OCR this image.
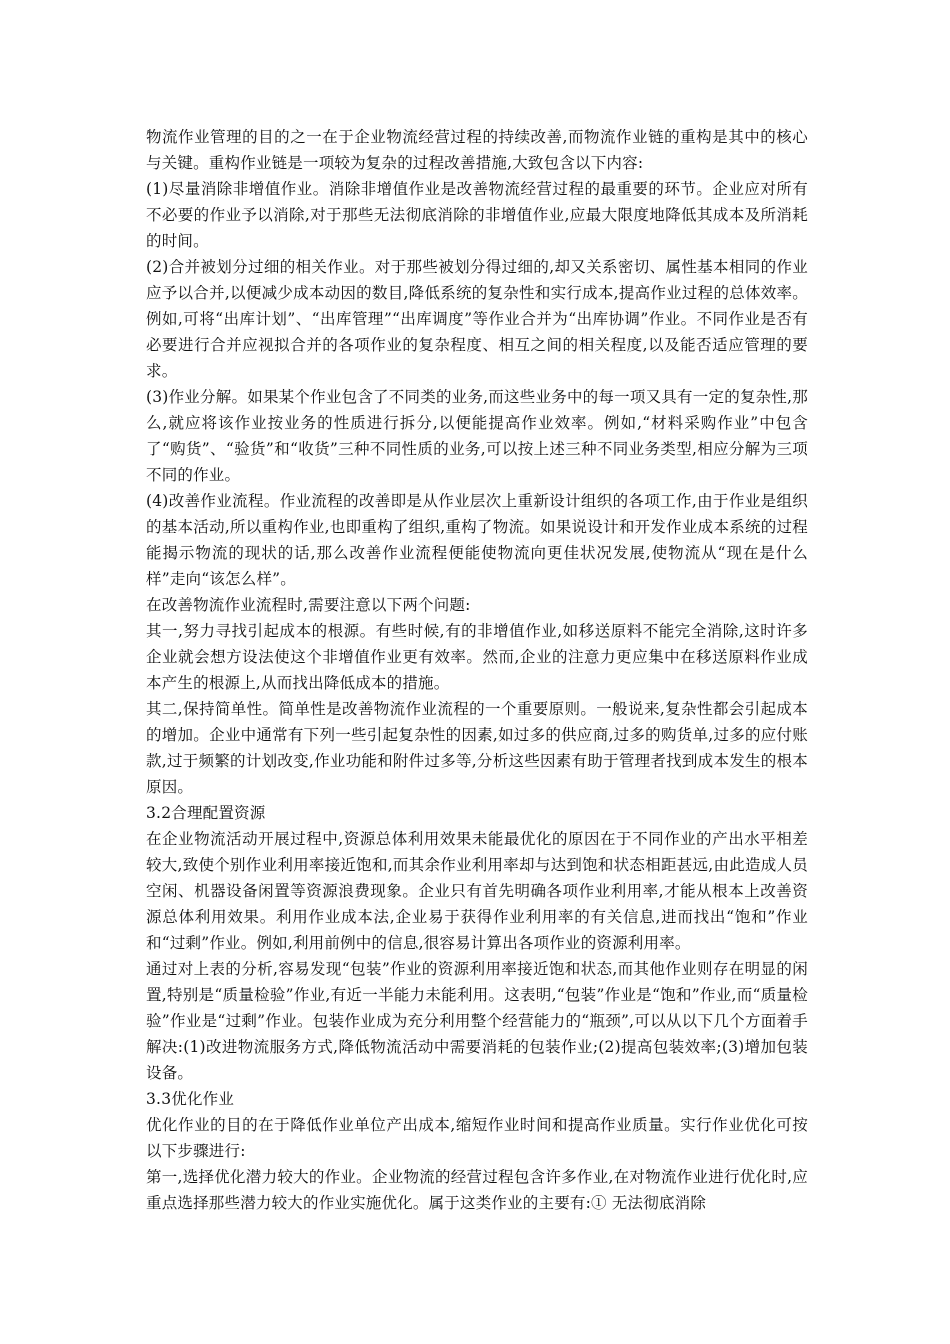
物流作业管理的目的之一在于企业物流经营过程的持续改善,而物流作业链的重构是其中的核心与关键。重构作业链是一项较为复杂的过程改善措施,大致包含以下内容:

(1)尽量消除非增值作业。消除非增值作业是改善物流经营过程的最重要的环节。企业应对所有不必要的作业予以消除,对于那些无法彻底消除的非增值作业,应最大限度地降低其成本及所消耗的时间。

(2)合并被划分过细的相关作业。对于那些被划分得过细的,却又关系密切、属性基本相同的作业应予以合并,以便减少成本动因的数目,降低系统的复杂性和实行成本,提高作业过程的总体效率。例如,可将“出库计划”、“出库管理”“出库调度”等作业合并为“出库协调”作业。不同作业是否有必要进行合并应视拟合并的各项作业的复杂程度、相互之间的相关程度,以及能否适应管理的要求。

(3)作业分解。如果某个作业包含了不同类的业务,而这些业务中的每一项又具有一定的复杂性,那么,就应将该作业按业务的性质进行拆分,以便能提高作业效率。例如,“材料采购作业”中包含了“购货”、“验货”和“收货”三种不同性质的业务,可以按上述三种不同业务类型,相应分解为三项不同的作业。

(4)改善作业流程。作业流程的改善即是从作业层次上重新设计组织的各项工作,由于作业是组织的基本活动,所以重构作业,也即重构了组织,重构了物流。如果说设计和开发作业成本系统的过程能揭示物流的现状的话,那么改善作业流程便能使物流向更佳状况发展,使物流从“现在是什么样”走向“该怎么样”。

在改善物流作业流程时,需要注意以下两个问题:

其一,努力寻找引起成本的根源。有些时候,有的非增值作业,如移送原料不能完全消除,这时许多企业就会想方设法使这个非增值作业更有效率。然而,企业的注意力更应集中在移送原料作业成本产生的根源上,从而找出降低成本的措施。

其二,保持简单性。简单性是改善物流作业流程的一个重要原则。一般说来,复杂性都会引起成本的增加。企业中通常有下列一些引起复杂性的因素,如过多的供应商,过多的购货单,过多的应付账款,过于频繁的计划改变,作业功能和附件过多等,分析这些因素有助于管理者找到成本发生的根本原因。

3.2合理配置资源

在企业物流活动开展过程中,资源总体利用效果未能最优化的原因在于不同作业的产出水平相差较大,致使个别作业利用率接近饱和,而其余作业利用率却与达到饱和状态相距甚远,由此造成人员空闲、机器设备闲置等资源浪费现象。企业只有首先明确各项作业利用率,才能从根本上改善资源总体利用效果。利用作业成本法,企业易于获得作业利用率的有关信息,进而找出“饱和”作业和“过剩”作业。例如,利用前例中的信息,很容易计算出各项作业的资源利用率。

通过对上表的分析,容易发现“包装”作业的资源利用率接近饱和状态,而其他作业则存在明显的闲置,特别是“质量检验”作业,有近一半能力未能利用。这表明,“包装”作业是“饱和”作业,而“质量检验”作业是“过剩”作业。包装作业成为充分利用整个经营能力的“瓶颈”,可以从以下几个方面着手解决:(1)改进物流服务方式,降低物流活动中需要消耗的包装作业;(2)提高包装效率;(3)增加包装设备。

3.3优化作业

优化作业的目的在于降低作业单位产出成本,缩短作业时间和提高作业质量。实行作业优化可按以下步骤进行:

第一,选择优化潜力较大的作业。企业物流的经营过程包含许多作业,在对物流作业进行优化时,应重点选择那些潜力较大的作业实施优化。属于这类作业的主要有:① 无法彻底消除
